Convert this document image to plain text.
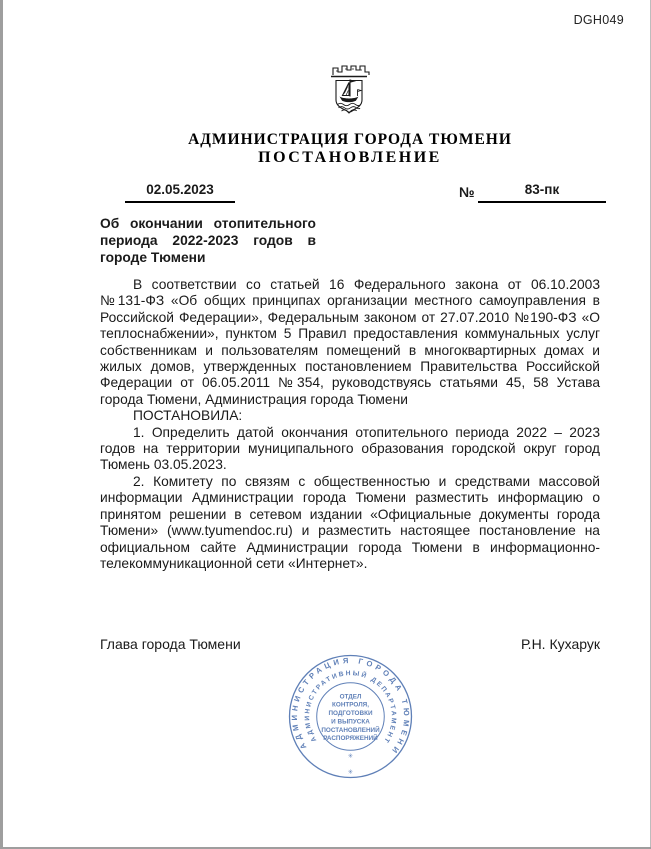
DGH049
АДМИНИСТРАЦИЯ ГОРОДА ТЮМЕНИ
ПОСТАНОВЛЕНИЕ
02.05.2023	№	83-пк
Об окончании отопительного периода 2022-2023 годов в городе Тюмени

В соответствии со статьей 16 Федерального закона от 06.10.2003 №131-ФЗ «Об общих принципах организации местного самоуправления в Российской Федерации», Федеральным законом от 27.07.2010 №190-ФЗ «О теплоснабжении», пунктом 5 Правил предоставления коммунальных услуг собственникам и пользователям помещений в многоквартирных домах и жилых домов, утвержденных постановлением Правительства Российской Федерации от 06.05.2011 №354, руководствуясь статьями 45, 58 Устава города Тюмени, Администрация города Тюмени

ПОСТАНОВИЛА:

1. Определить датой окончания отопительного периода 2022 – 2023 годов на территории муниципального образования городской округ город Тюмень 03.05.2023.

2. Комитету по связям с общественностью и средствами массовой информации Администрации города Тюмени разместить информацию о принятом решении в сетевом издании «Официальные документы города Тюмени» (www.tyumendoc.ru) и разместить настоящее постановление на официальном сайте Администрации города Тюмени в информационно-телекоммуникационной сети «Интернет».

Глава города Тюмени	Р.Н. Кухарук
АДМИНИСТРАЦИЯ ГОРОДА ТЮМЕНИ
АДМИНИСТРАТИВНЫЙ ДЕПАРТАМЕНТ
ОТДЕЛ
КОНТРОЛЯ,
ПОДГОТОВКИ
И ВЫПУСКА
ПОСТАНОВЛЕНИЙ
РАСПОРЯЖЕНИЙ
✳
✳
